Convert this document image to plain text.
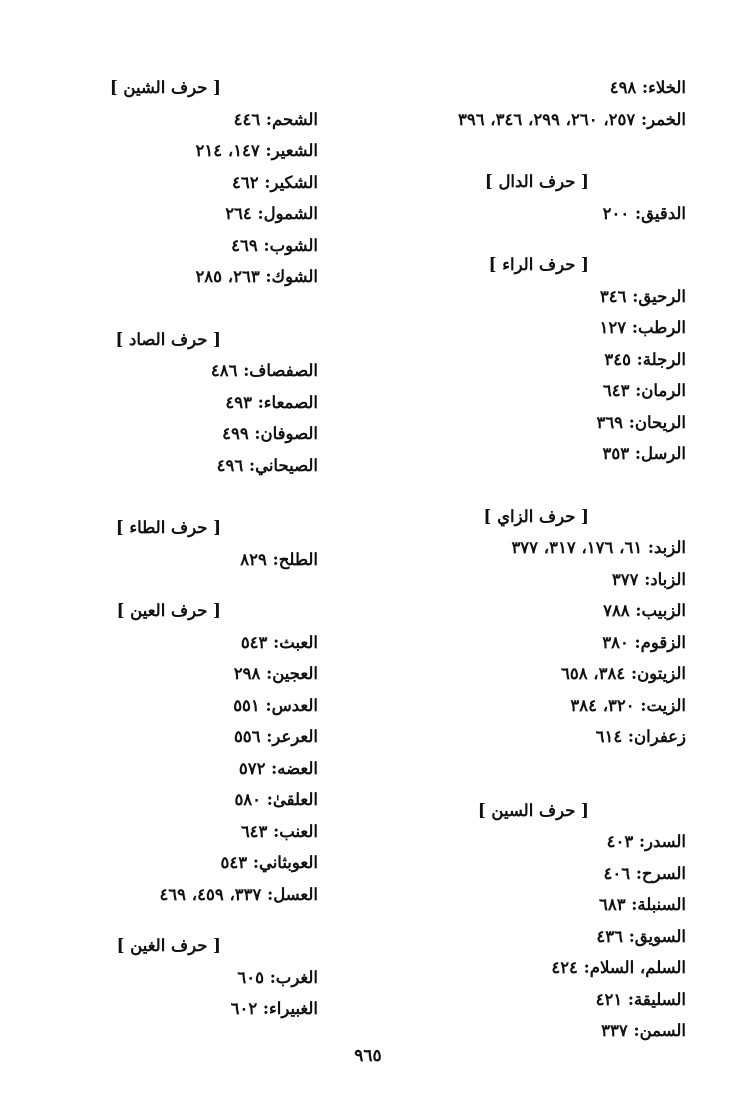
الخلاء: ٤٩٨
الخمر: ٢٥٧، ٢٦٠، ٢٩٩، ٣٤٦، ٣٩٦
[ حرف الدال ]
الدقيق: ٢٠٠
[ حرف الراء ]
الرحيق: ٣٤٦
الرطب: ١٢٧
الرجلة: ٣٤٥
الرمان: ٦٤٣
الريحان: ٣٦٩
الرسل: ٣٥٣
[ حرف الزاي ]
الزبد: ٦١، ١٧٦، ٣١٧، ٣٧٧
الزباد: ٣٧٧
الزبيب: ٧٨٨
الزقوم: ٣٨٠
الزيتون: ٣٨٤، ٦٥٨
الزيت: ٣٢٠، ٣٨٤
زعفران: ٦١٤
[ حرف السين ]
السدر: ٤٠٣
السرح: ٤٠٦
السنبلة: ٦٨٣
السويق: ٤٣٦
السلم، السلام: ٤٢٤
السليقة: ٤٢١
السمن: ٣٣٧
[ حرف الشين ]
الشحم: ٤٤٦
الشعير: ١٤٧، ٢١٤
الشكير: ٤٦٢
الشمول: ٢٦٤
الشوب: ٤٦٩
الشوك: ٢٦٣، ٢٨٥
[ حرف الصاد ]
الصفصاف: ٤٨٦
الصمعاء: ٤٩٣
الصوفان: ٤٩٩
الصيحاني: ٤٩٦
[ حرف الطاء ]
الطلح: ٨٢٩
[ حرف العين ]
العبث: ٥٤٣
العجين: ٢٩٨
العدس: ٥٥١
العرعر: ٥٥٦
العضه: ٥٧٢
العلقىٰ: ٥٨٠
العنب: ٦٤٣
العوبثاني: ٥٤٣
العسل: ٣٣٧، ٤٥٩، ٤٦٩
[ حرف الغين ]
الغرب: ٦٠٥
الغبيراء: ٦٠٢
٩٦٥
